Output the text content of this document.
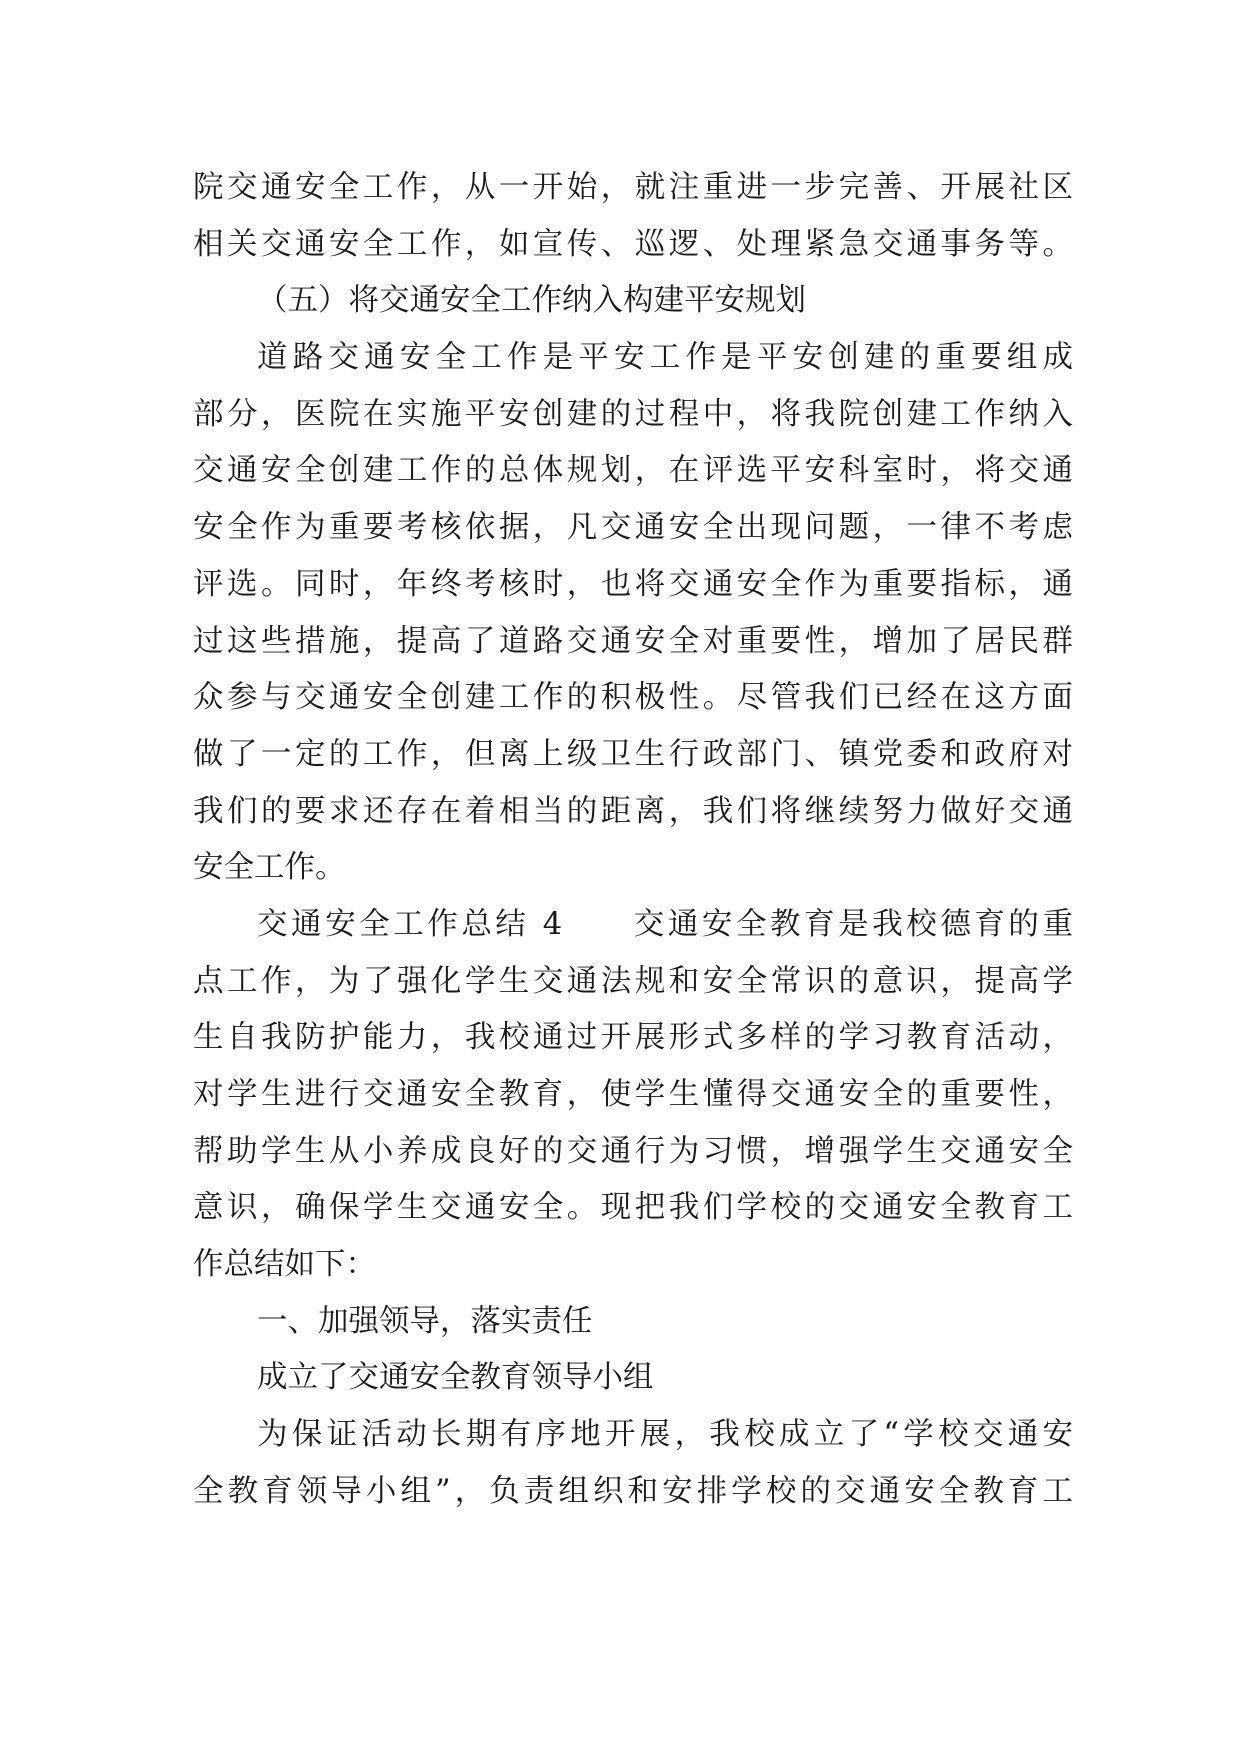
院交通安全工作，从一开始，就注重进一步完善、开展社区
相关交通安全工作，如宣传、巡逻、处理紧急交通事务等。
（五）将交通安全工作纳入构建平安规划
道路交通安全工作是平安工作是平安创建的重要组成
部分，医院在实施平安创建的过程中，将我院创建工作纳入
交通安全创建工作的总体规划，在评选平安科室时，将交通
安全作为重要考核依据，凡交通安全出现问题，一律不考虑
评选。同时，年终考核时，也将交通安全作为重要指标，通
过这些措施，提高了道路交通安全对重要性，增加了居民群
众参与交通安全创建工作的积极性。尽管我们已经在这方面
做了一定的工作，但离上级卫生行政部门、镇党委和政府对
我们的要求还存在着相当的距离，我们将继续努力做好交通
安全工作。
交通安全工作总结 4　　交通安全教育是我校德育的重
点工作，为了强化学生交通法规和安全常识的意识，提高学
生自我防护能力，我校通过开展形式多样的学习教育活动，
对学生进行交通安全教育，使学生懂得交通安全的重要性，
帮助学生从小养成良好的交通行为习惯，增强学生交通安全
意识，确保学生交通安全。现把我们学校的交通安全教育工
作总结如下：
一、加强领导，落实责任
成立了交通安全教育领导小组
为保证活动长期有序地开展，我校成立了“学校交通安
全教育领导小组”，负责组织和安排学校的交通安全教育工
